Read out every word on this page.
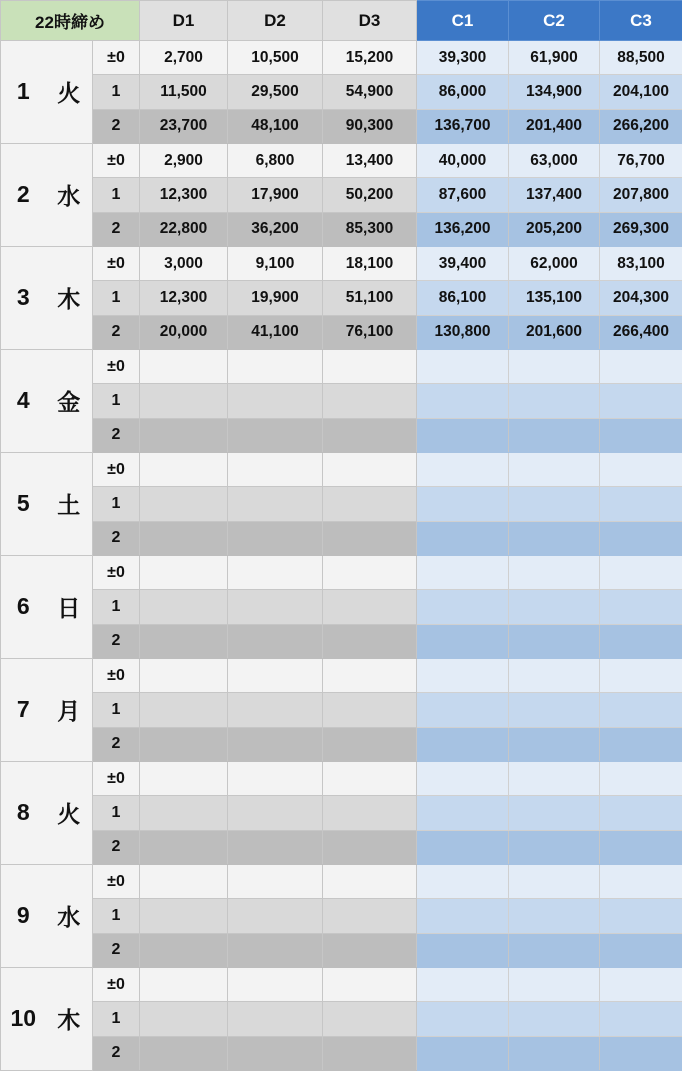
22時締め			D1	D2	D3	C1	C2	C3
1	火	±0	2,700	10,500	15,200	39,300	61,900	88,500
		1	11,500	29,500	54,900	86,000	134,900	204,100
		2	23,700	48,100	90,300	136,700	201,400	266,200
2	水	±0	2,900	6,800	13,400	40,000	63,000	76,700
		1	12,300	17,900	50,200	87,600	137,400	207,800
		2	22,800	36,200	85,300	136,200	205,200	269,300
3	木	±0	3,000	9,100	18,100	39,400	62,000	83,100
		1	12,300	19,900	51,100	86,100	135,100	204,300
		2	20,000	41,100	76,100	130,800	201,600	266,400
4	金	±0						
		1						
		2						
5	土	±0						
		1						
		2						
6	日	±0						
		1						
		2						
7	月	±0						
		1						
		2						
8	火	±0						
		1						
		2						
9	水	±0						
		1						
		2						
10	木	±0						
		1						
		2						
